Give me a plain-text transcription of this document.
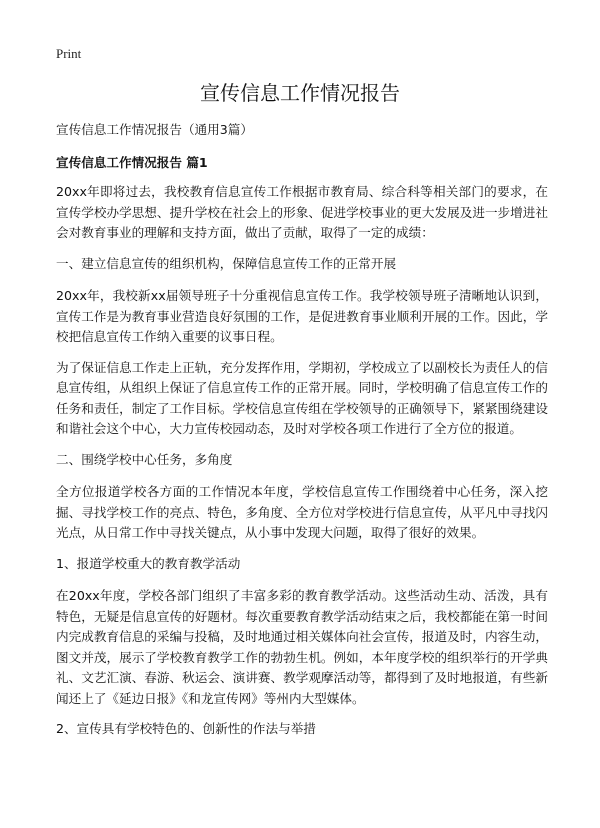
Print
宣传信息工作情况报告

宣传信息工作情况报告（通用3篇）

宣传信息工作情况报告 篇1

20xx年即将过去，我校教育信息宣传工作根据市教育局、综合科等相关部门的要求，在宣传学校办学思想、提升学校在社会上的形象、促进学校事业的更大发展及进一步增进社会对教育事业的理解和支持方面，做出了贡献，取得了一定的成绩：

一、建立信息宣传的组织机构，保障信息宣传工作的正常开展

20xx年，我校新xx届领导班子十分重视信息宣传工作。我学校领导班子清晰地认识到，宣传工作是为教育事业营造良好氛围的工作，是促进教育事业顺利开展的工作。因此，学校把信息宣传工作纳入重要的议事日程。

为了保证信息工作走上正轨，充分发挥作用，学期初，学校成立了以副校长为责任人的信息宣传组，从组织上保证了信息宣传工作的正常开展。同时，学校明确了信息宣传工作的任务和责任，制定了工作目标。学校信息宣传组在学校领导的正确领导下，紧紧围绕建设和谐社会这个中心，大力宣传校园动态，及时对学校各项工作进行了全方位的报道。

二、围绕学校中心任务，多角度

全方位报道学校各方面的工作情况本年度，学校信息宣传工作围绕着中心任务，深入挖掘、寻找学校工作的亮点、特色，多角度、全方位对学校进行信息宣传，从平凡中寻找闪光点，从日常工作中寻找关键点，从小事中发现大问题，取得了很好的效果。

1、报道学校重大的教育教学活动

在20xx年度，学校各部门组织了丰富多彩的教育教学活动。这些活动生动、活泼，具有特色，无疑是信息宣传的好题材。每次重要教育教学活动结束之后，我校都能在第一时间内完成教育信息的采编与投稿，及时地通过相关媒体向社会宣传，报道及时，内容生动，图文并茂，展示了学校教育教学工作的勃勃生机。例如，本年度学校的组织举行的开学典礼、文艺汇演、春游、秋运会、演讲赛、教学观摩活动等，都得到了及时地报道，有些新闻还上了《延边日报》《和龙宣传网》等州内大型媒体。

2、宣传具有学校特色的、创新性的作法与举措
